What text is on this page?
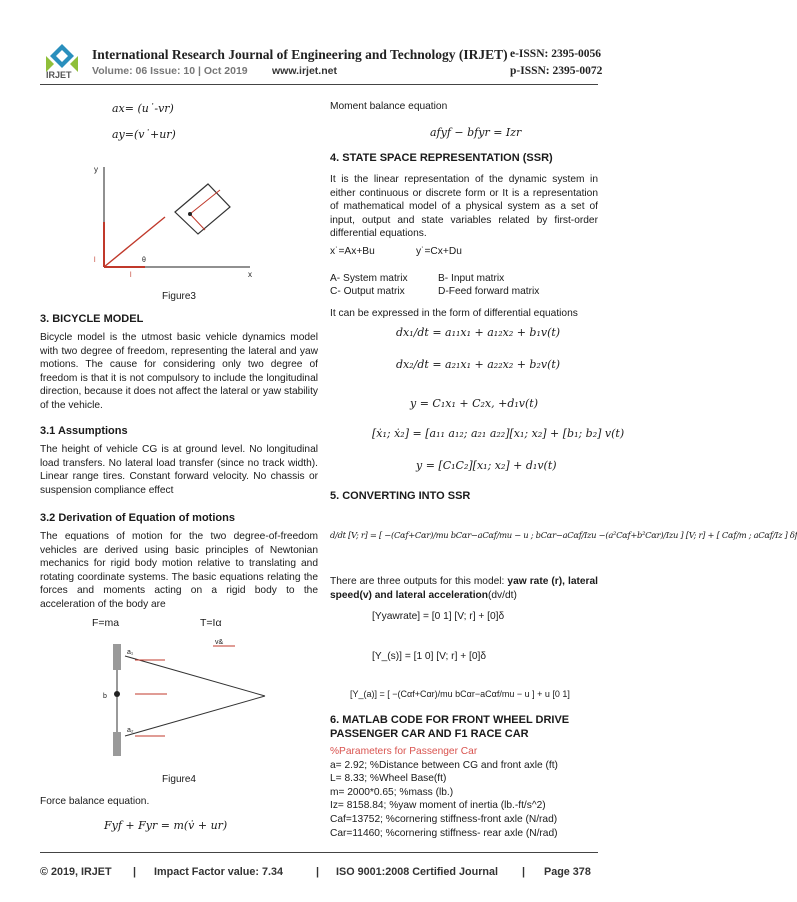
IRJET
International Research Journal of Engineering and Technology (IRJET) e-ISSN: 2395-0056
Volume: 06 Issue: 10 | Oct 2019 www.irjet.net	p-ISSN: 2395-0072
ax= (u˙-vr)
ay=(v˙+ur)
y
x
l
l
θ
Figure3
3. BICYCLE MODEL
Bicycle model is the utmost basic vehicle dynamics model with two degree of freedom, representing the lateral and yaw motions. The cause for considering only two degree of freedom is that it is not compulsory to include the longitudinal direction, because it does not affect the lateral or yaw stability of the vehicle.
3.1 Assumptions
The height of vehicle CG is at ground level. No longitudinal load transfers. No lateral load transfer (since no track width). Linear range tires. Constant forward velocity. No chassis or suspension compliance effect
3.2 Derivation of Equation of motions
The equations of motion for the two degree-of-freedom vehicles are derived using basic principles of Newtonian mechanics for rigid body motion relative to translating and rotating coordinate systems. The basic equations relating the forces and moments acting on a rigid body to the acceleration of the body are
F=ma	T=Iα
a₁
a₂
b
v&
Figure4
Force balance equation.
Fyf + Fyr = m(v̇ + ur)
Moment balance equation
afyf − bfyr = Izr
4. STATE SPACE REPRESENTATION (SSR)
It is the linear representation of the dynamic system in either continuous or discrete form or It is a representation of mathematical model of a physical system as a set of input, output and state variables related by first-order differential equations.
x˙=Ax+Bu	y˙=Cx+Du
A- System matrix	B- Input matrix
C- Output matrix	D-Feed forward matrix
It can be expressed in the form of differential equations
dx₁/dt = a₁₁x₁ + a₁₂x₂ + b₁v(t)
dx₂/dt = a₂₁x₁ + a₂₂x₂ + b₂v(t)
y = C₁x₁ + C₂x, +d₁v(t)
[ẋ₁; ẋ₂] = [a₁₁ a₁₂; a₂₁ a₂₂][x₁; x₂] + [b₁; b₂] v(t)
y = [C₁C₂][x₁; x₂] + d₁v(t)
5. CONVERTING INTO SSR
d/dt [V; r] = [ −(Cαf+Cαr)/mu bCαr−aCαf/mu − u ; bCαr−aCαf/Izu −(a²Cαf+b²Cαr)/Izu ] [V; r] + [ Cαf/m ; aCαf/Iz ] δf
There are three outputs for this model: yaw rate (r), lateral speed(v) and lateral acceleration(dv/dt)
[Yyawrate] = [0 1] [V; r] + [0]δ
[Y_(s)] = [1 0] [V; r] + [0]δ
[Y_(a)] = [ −(Cαf+Cαr)/mu bCαr−aCαf/mu − u ] + u [0 1]
6. MATLAB CODE FOR FRONT WHEEL DRIVE PASSENGER CAR AND F1 RACE CAR
%Parameters for Passenger Car
a= 2.92; %Distance between CG and front axle (ft)
L= 8.33; %Wheel Base(ft)
m= 2000*0.65; %mass (lb.)
Iz= 8158.84; %yaw moment of inertia (lb.-ft/s^2)
Caf=13752; %cornering stiffness-front axle (N/rad)
Car=11460; %cornering stiffness- rear axle (N/rad)
© 2019, IRJET | Impact Factor value: 7.34	| ISO 9001:2008 Certified Journal | Page 378
